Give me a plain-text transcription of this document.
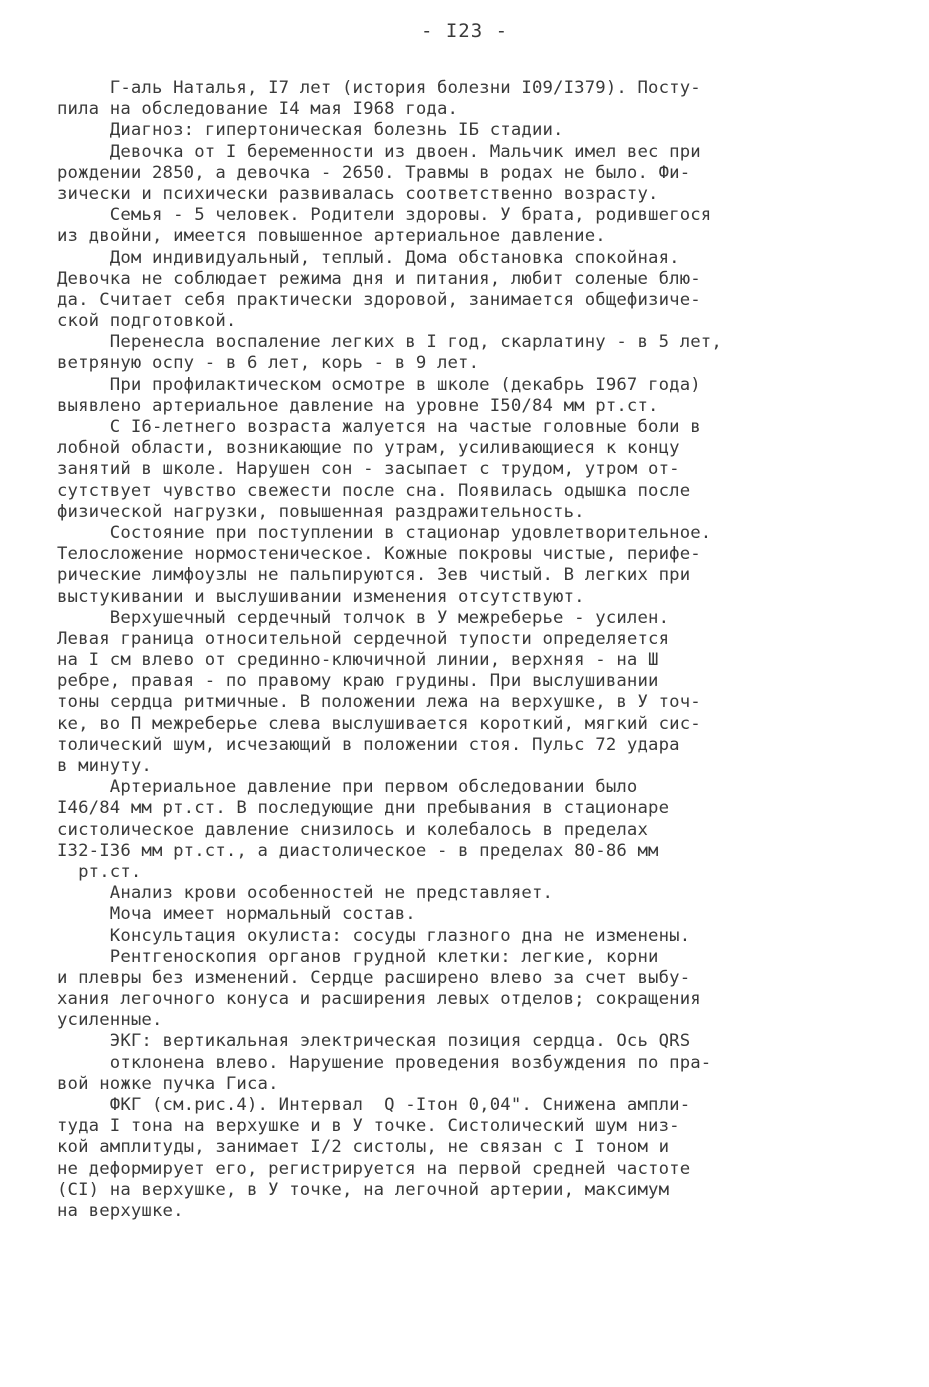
- I23 -
Г-аль Наталья, I7 лет (история болезни I09/I379). Посту-
пила на обследование I4 мая I968 года.
Диагноз: гипертоническая болезнь IБ стадии.
Девочка от I беременности из двоен. Мальчик имел вес при
рождении 2850, а девочка - 2650. Травмы в родах не было. Фи-
зически и психически развивалась соответственно возрасту.
Семья - 5 человек. Родители здоровы. У брата, родившегося
из двойни, имеется повышенное артериальное давление.
Дом индивидуальный, теплый. Дома обстановка спокойная.
Девочка не соблюдает режима дня и питания, любит соленые блю-
да. Считает себя практически здоровой, занимается общефизиче-
ской подготовкой.
Перенесла воспаление легких в I год, скарлатину - в 5 лет,
ветряную оспу - в 6 лет, корь - в 9 лет.
При профилактическом осмотре в школе (декабрь I967 года)
выявлено артериальное давление на уровне I50/84 мм рт.ст.
С I6-летнего возраста жалуется на частые головные боли в
лобной области, возникающие по утрам, усиливающиеся к концу
занятий в школе. Нарушен сон - засыпает с трудом, утром от-
сутствует чувство свежести после сна. Появилась одышка после
физической нагрузки, повышенная раздражительность.
Состояние при поступлении в стационар удовлетворительное.
Телосложение нормостеническое. Кожные покровы чистые, перифе-
рические лимфоузлы не пальпируются. Зев чистый. В легких при
выстукивании и выслушивании изменения отсутствуют.
Верхушечный сердечный толчок в У межреберье - усилен.
Левая граница относительной сердечной тупости определяется
на I см влево от срединно-ключичной линии, верхняя - на Ш
ребре, правая - по правому краю грудины. При выслушивании
тоны сердца ритмичные. В положении лежа на верхушке, в У точ-
ке, во П межреберье слева выслушивается короткий, мягкий сис-
толический шум, исчезающий в положении стоя. Пульс 72 удара
в минуту.
Артериальное давление при первом обследовании было
I46/84 мм рт.ст. В последующие дни пребывания в стационаре
систолическое давление снизилось и колебалось в пределах
I32-I36 мм рт.ст., а диастолическое - в пределах 80-86 мм
рт.ст.
Анализ крови особенностей не представляет.
Моча имеет нормальный состав.
Консультация окулиста: сосуды глазного дна не изменены.
Рентгеноскопия органов грудной клетки: легкие, корни
и плевры без изменений. Сердце расширено влево за счет выбу-
хания легочного конуса и расширения левых отделов; сокращения
усиленные.
ЭКГ: вертикальная электрическая позиция сердца. Ось QRS
отклонена влево. Нарушение проведения возбуждения по пра-
вой ножке пучка Гиса.
ФКГ (см.рис.4). Интервал  Q -Iтон 0,04". Снижена ампли-
туда I тона на верхушке и в У точке. Систолический шум низ-
кой амплитуды, занимает I/2 систолы, не связан с I тоном и
не деформирует его, регистрируется на первой средней частоте
(CI) на верхушке, в У точке, на легочной артерии, максимум
на верхушке.
